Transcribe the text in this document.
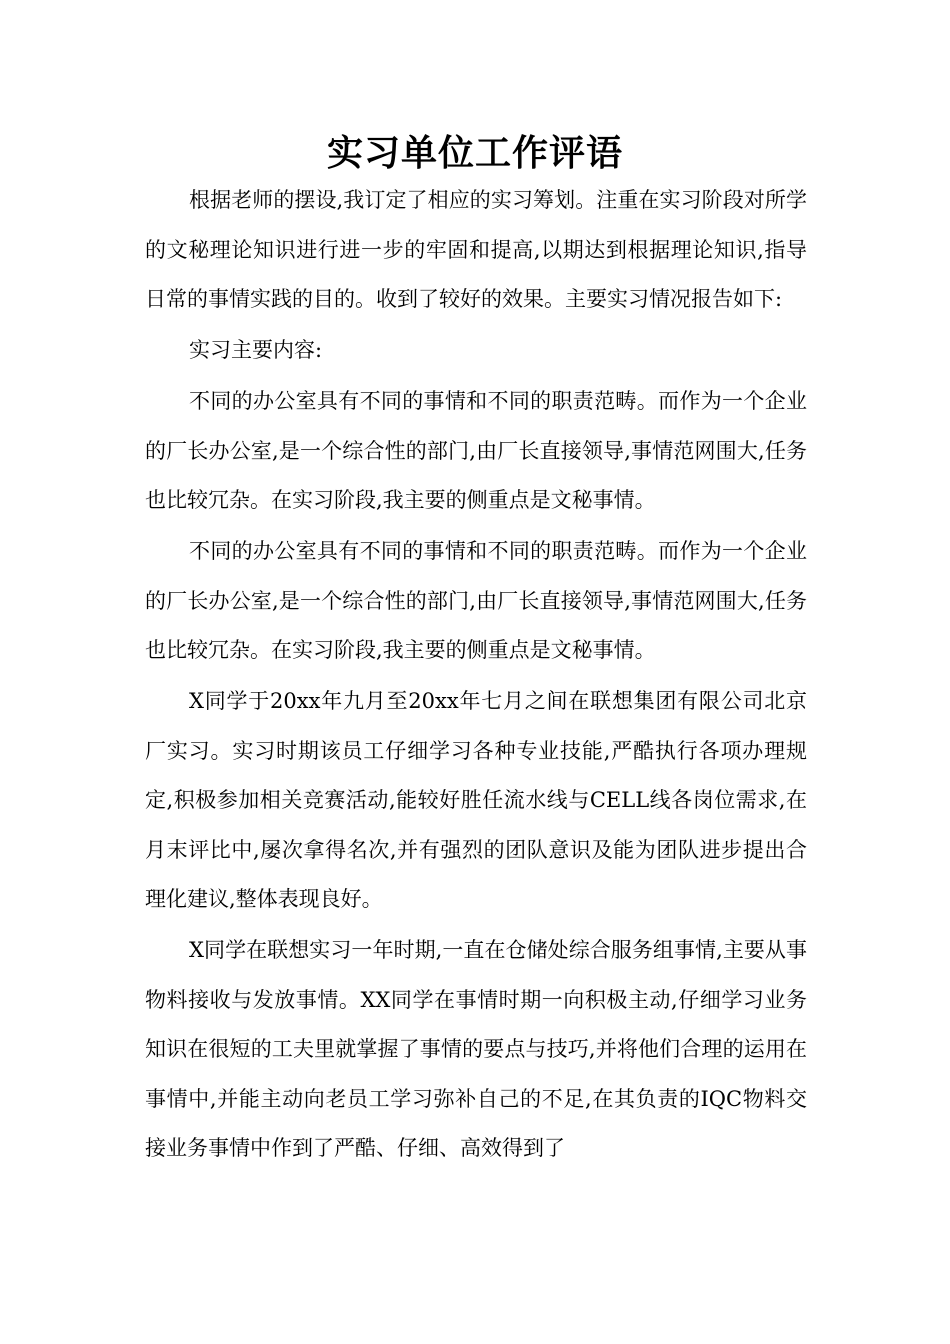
实习单位工作评语

根据老师的摆设,我订定了相应的实习筹划。注重在实习阶段对所学的文秘理论知识进行进一步的牢固和提高,以期达到根据理论知识,指导日常的事情实践的目的。收到了较好的效果。主要实习情况报告如下:

实习主要内容:

不同的办公室具有不同的事情和不同的职责范畴。而作为一个企业的厂长办公室,是一个综合性的部门,由厂长直接领导,事情范网围大,任务也比较冗杂。在实习阶段,我主要的侧重点是文秘事情。

不同的办公室具有不同的事情和不同的职责范畴。而作为一个企业的厂长办公室,是一个综合性的部门,由厂长直接领导,事情范网围大,任务也比较冗杂。在实习阶段,我主要的侧重点是文秘事情。

X同学于20xx年九月至20xx年七月之间在联想集团有限公司北京厂实习。实习时期该员工仔细学习各种专业技能,严酷执行各项办理规定,积极参加相关竞赛活动,能较好胜任流水线与CELL线各岗位需求,在月末评比中,屡次拿得名次,并有强烈的团队意识及能为团队进步提出合理化建议,整体表现良好。

X同学在联想实习一年时期,一直在仓储处综合服务组事情,主要从事物料接收与发放事情。XX同学在事情时期一向积极主动,仔细学习业务知识在很短的工夫里就掌握了事情的要点与技巧,并将他们合理的运用在事情中,并能主动向老员工学习弥补自己的不足,在其负责的IQC物料交接业务事情中作到了严酷、仔细、高效得到了
